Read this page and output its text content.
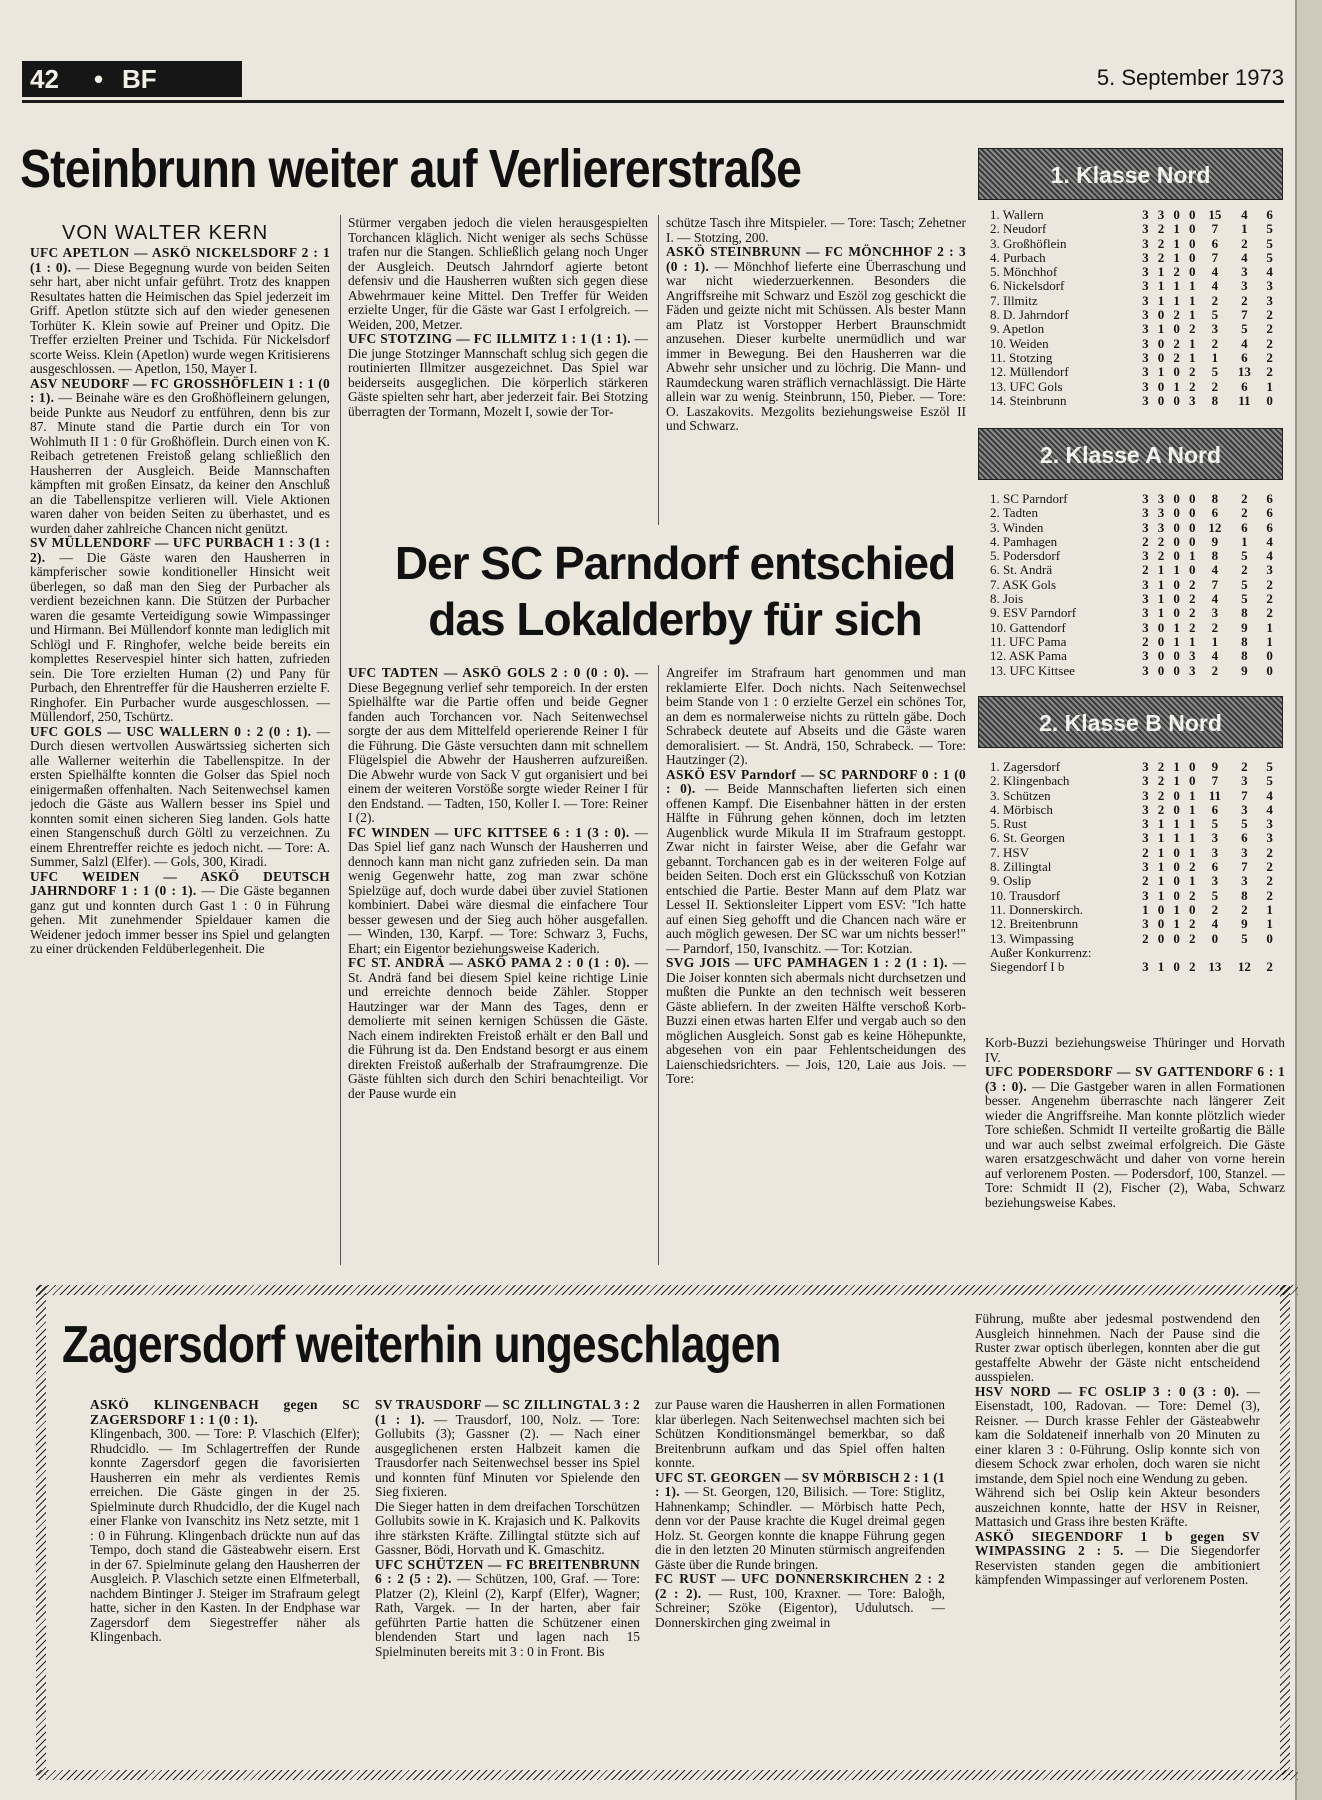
42 • BF	5. September 1973
Steinbrunn weiter auf Verliererstraße
VON WALTER KERN

UFC APETLON — ASKÖ NICKELSDORF 2 : 1 (1 : 0). — Diese Begegnung wurde von beiden Seiten sehr hart, aber nicht unfair geführt. Trotz des knappen Resultates hatten die Heimischen das Spiel jederzeit im Griff. Apetlon stützte sich auf den wieder genesenen Torhüter K. Klein sowie auf Preiner und Opitz. Die Treffer erzielten Preiner und Tschida. Für Nickelsdorf scorte Weiss. Klein (Apetlon) wurde wegen Kritisierens ausgeschlossen. — Apetlon, 150, Mayer I.

ASV NEUDORF — FC GROSSHÖFLEIN 1 : 1 (0 : 1). — Beinahe wäre es den Großhöfleinern gelungen, beide Punkte aus Neudorf zu entführen, denn bis zur 87. Minute stand die Partie durch ein Tor von Wohlmuth II 1 : 0 für Großhöflein. Durch einen von K. Reibach getretenen Freistoß gelang schließlich den Hausherren der Ausgleich. Beide Mannschaften kämpften mit großen Einsatz, da keiner den Anschluß an die Tabellenspitze verlieren will. Viele Aktionen waren daher von beiden Seiten zu überhastet, und es wurden daher zahlreiche Chancen nicht genützt.

SV MÜLLENDORF — UFC PURBACH 1 : 3 (1 : 2). — Die Gäste waren den Hausherren in kämpferischer sowie konditioneller Hinsicht weit überlegen, so daß man den Sieg der Purbacher als verdient bezeichnen kann. Die Stützen der Purbacher waren die gesamte Verteidigung sowie Wimpassinger und Hirmann. Bei Müllendorf konnte man lediglich mit Schlögl und F. Ringhofer, welche beide bereits ein komplettes Reservespiel hinter sich hatten, zufrieden sein. Die Tore erzielten Human (2) und Pany für Purbach, den Ehrentreffer für die Hausherren erzielte F. Ringhofer. Ein Purbacher wurde ausgeschlossen. — Müllendorf, 250, Tschürtz.

UFC GOLS — USC WALLERN 0 : 2 (0 : 1). — Durch diesen wertvollen Auswärtssieg sicherten sich alle Wallerner weiterhin die Tabellenspitze. In der ersten Spielhälfte konnten die Golser das Spiel noch einigermaßen offenhalten. Nach Seitenwechsel kamen jedoch die Gäste aus Wallern besser ins Spiel und konnten somit einen sicheren Sieg landen. Gols hatte einen Stangenschuß durch Göltl zu verzeichnen. Zu einem Ehrentreffer reichte es jedoch nicht. — Tore: A. Summer, Salzl (Elfer). — Gols, 300, Kiradi.

UFC WEIDEN — ASKÖ DEUTSCH JAHRNDORF 1 : 1 (0 : 1). — Die Gäste begannen ganz gut und konnten durch Gast 1 : 0 in Führung gehen. Mit zunehmender Spieldauer kamen die Weidener jedoch immer besser ins Spiel und gelangten zu einer drückenden Feldüberlegenheit. Die

Stürmer vergaben jedoch die vielen herausgespielten Torchancen kläglich. Nicht weniger als sechs Schüsse trafen nur die Stangen. Schließlich gelang noch Unger der Ausgleich. Deutsch Jahrndorf agierte betont defensiv und die Hausherren wußten sich gegen diese Abwehrmauer keine Mittel. Den Treffer für Weiden erzielte Unger, für die Gäste war Gast I erfolgreich. — Weiden, 200, Metzer.

UFC STOTZING — FC ILLMITZ 1 : 1 (1 : 1). — Die junge Stotzinger Mannschaft schlug sich gegen die routinierten Illmitzer ausgezeichnet. Das Spiel war beiderseits ausgeglichen. Die körperlich stärkeren Gäste spielten sehr hart, aber jederzeit fair. Bei Stotzing überragten der Tormann, Mozelt I, sowie der Tor-

schütze Tasch ihre Mitspieler. — Tore: Tasch; Zehetner I. — Stotzing, 200.

ASKÖ STEINBRUNN — FC MÖNCHHOF 2 : 3 (0 : 1). — Mönchhof lieferte eine Überraschung und war nicht wiederzuerkennen. Besonders die Angriffsreihe mit Schwarz und Eszöl zog geschickt die Fäden und geizte nicht mit Schüssen. Als bester Mann am Platz ist Vorstopper Herbert Braunschmidt anzusehen. Dieser kurbelte unermüdlich und war immer in Bewegung. Bei den Hausherren war die Abwehr sehr unsicher und zu löchrig. Die Mann- und Raumdeckung waren sträflich vernachlässigt. Die Härte allein war zu wenig. Steinbrunn, 150, Pieber. — Tore: O. Laszakovits. Mezgolits beziehungsweise Eszöl II und Schwarz.

Der SC Parndorf entschied das Lokalderby für sich

UFC TADTEN — ASKÖ GOLS 2 : 0 (0 : 0). — Diese Begegnung verlief sehr temporeich. In der ersten Spielhälfte war die Partie offen und beide Gegner fanden auch Torchancen vor. Nach Seitenwechsel sorgte der aus dem Mittelfeld operierende Reiner I für die Führung. Die Gäste versuchten dann mit schnellem Flügelspiel die Abwehr der Hausherren aufzureißen. Die Abwehr wurde von Sack V gut organisiert und bei einem der weiteren Vorstöße sorgte wieder Reiner I für den Endstand. — Tadten, 150, Koller I. — Tore: Reiner I (2).

FC WINDEN — UFC KITTSEE 6 : 1 (3 : 0). — Das Spiel lief ganz nach Wunsch der Hausherren und dennoch kann man nicht ganz zufrieden sein. Da man wenig Gegenwehr hatte, zog man zwar schöne Spielzüge auf, doch wurde dabei über zuviel Stationen kombiniert. Dabei wäre diesmal die einfachere Tour besser gewesen und der Sieg auch höher ausgefallen. — Winden, 130, Karpf. — Tore: Schwarz 3, Fuchs, Ehart; ein Eigentor beziehungsweise Kaderich.

FC ST. ANDRÄ — ASKÖ PAMA 2 : 0 (1 : 0). — St. Andrä fand bei diesem Spiel keine richtige Linie und erreichte dennoch beide Zähler. Stopper Hautzinger war der Mann des Tages, denn er demolierte mit seinen kernigen Schüssen die Gäste. Nach einem indirekten Freistoß erhält er den Ball und die Führung ist da. Den Endstand besorgt er aus einem direkten Freistoß außerhalb der Strafraumgrenze. Die Gäste fühlten sich durch den Schiri benachteiligt. Vor der Pause wurde ein

Angreifer im Strafraum hart genommen und man reklamierte Elfer. Doch nichts. Nach Seitenwechsel beim Stande von 1 : 0 erzielte Gerzel ein schönes Tor, an dem es normalerweise nichts zu rütteln gäbe. Doch Schrabeck deutete auf Abseits und die Gäste waren demoralisiert. — St. Andrä, 150, Schrabeck. — Tore: Hautzinger (2).

ASKÖ ESV Parndorf — SC PARNDORF 0 : 1 (0 : 0). — Beide Mannschaften lieferten sich einen offenen Kampf. Die Eisenbahner hätten in der ersten Hälfte in Führung gehen können, doch im letzten Augenblick wurde Mikula II im Strafraum gestoppt. Zwar nicht in fairster Weise, aber die Gefahr war gebannt. Torchancen gab es in der weiteren Folge auf beiden Seiten. Doch erst ein Glücksschuß von Kotzian entschied die Partie. Bester Mann auf dem Platz war Lessel II. Sektionsleiter Lippert vom ESV: "Ich hatte auf einen Sieg gehofft und die Chancen nach wäre er auch möglich gewesen. Der SC war um nichts besser!" — Parndorf, 150, Ivanschitz. — Tor: Kotzian.

SVG JOIS — UFC PAMHAGEN 1 : 2 (1 : 1). — Die Joiser konnten sich abermals nicht durchsetzen und mußten die Punkte an den technisch weit besseren Gäste abliefern. In der zweiten Hälfte verschoß Korb-Buzzi einen etwas harten Elfer und vergab auch so den möglichen Ausgleich. Sonst gab es keine Höhepunkte, abgesehen von ein paar Fehlentscheidungen des Laienschiedsrichters. — Jois, 120, Laie aus Jois. — Tore:

Korb-Buzzi beziehungsweise Thüringer und Horvath IV.

UFC PODERSDORF — SV GATTENDORF 6 : 1 (3 : 0). — Die Gastgeber waren in allen Formationen besser. Angenehm überraschte nach längerer Zeit wieder die Angriffsreihe. Man konnte plötzlich wieder Tore schießen. Schmidt II verteilte großartig die Bälle und war auch selbst zweimal erfolgreich. Die Gäste waren ersatzgeschwächt und daher von vorne herein auf verlorenem Posten. — Podersdorf, 100, Stanzel. — Tore: Schmidt II (2), Fischer (2), Waba, Schwarz beziehungsweise Kabes.

1. Klasse Nord
1. Wallern	3 3 0 0 15	4	6
2. Neudorf	3 2 1 0	7	1	5
3. Großhöflein	3 2 1 0	6	2	5
4. Purbach	3 2 1 0	7	4	5
5. Mönchhof	3 1 2 0	4	3	4
6. Nickelsdorf	3 1 1 1	4	3	3
7. Illmitz	3 1 1 1	2	2	3
8. D. Jahrndorf	3 0 2 1	5	7	2
9. Apetlon	3 1 0 2	3	5	2
10. Weiden	3 0 2 1	2	4	2
11. Stotzing	3 0 2 1	1	6	2
12. Müllendorf	3 1 0 2	5	13	2
13. UFC Gols	3 0 1 2	2	6	1
14. Steinbrunn	3 0 0 3	8	11	0
2. Klasse A Nord
1. SC Parndorf	3 3 0 0	8	2	6
2. Tadten	3 3 0 0	6	2	6
3. Winden	3 3 0 0 12	6	6
4. Pamhagen	2 2 0 0	9	1	4
5. Podersdorf	3 2 0 1	8	5	4
6. St. Andrä	2 1 1 0	4	2	3
7. ASK Gols	3 1 0 2	7	5	2
8. Jois	3 1 0 2	4	5	2
9. ESV Parndorf	3 1 0 2	3	8	2
10. Gattendorf	3 0 1 2	2	9	1
11. UFC Pama	2 0 1 1	1	8	1
12. ASK Pama	3 0 0 3	4	8	0
13. UFC Kittsee	3 0 0 3	2	9	0
2. Klasse B Nord
1. Zagersdorf	3 2 1 0	9	2	5
2. Klingenbach	3 2 1 0	7	3	5
3. Schützen	3 2 0 1	11	7	4
4. Mörbisch	3 2 0 1	6	3	4
5. Rust	3 1 1 1	5	5	3
6. St. Georgen	3 1 1 1	3	6	3
7. HSV	2 1 0 1	3	3	2
8. Zillingtal	3 1 0 2	6	7	2
9. Oslip	2 1 0 1	3	3	2
10. Trausdorf	3 1 0 2	5	8	2
11. Donnerskirch.	1 0 1 0	2	2	1
12. Breitenbrunn	3 0 1 2	4	9	1
13. Wimpassing	2 0 0 2	0	5	0
Außer Konkurrenz:
Siegendorf I b	3 1 0 2 13	12	2
Zagersdorf weiterhin ungeschlagen

ASKÖ KLINGENBACH gegen SC ZAGERSDORF 1 : 1 (0 : 1).

Klingenbach, 300. — Tore: P. Vlaschich (Elfer); Rhudcidlo. — Im Schlagertreffen der Runde konnte Zagersdorf gegen die favorisierten Hausherren ein mehr als verdientes Remis erreichen. Die Gäste gingen in der 25. Spielminute durch Rhudcidlo, der die Kugel nach einer Flanke von Ivanschitz ins Netz setzte, mit 1 : 0 in Führung. Klingenbach drückte nun auf das Tempo, doch stand die Gästeabwehr eisern. Erst in der 67. Spielminute gelang den Hausherren der Ausgleich. P. Vlaschich setzte einen Elfmeterball, nachdem Bintinger J. Steiger im Strafraum gelegt hatte, sicher in den Kasten. In der Endphase war Zagersdorf dem Siegestreffer näher als Klingenbach.

SV TRAUSDORF — SC ZILLINGTAL 3 : 2 (1 : 1). — Trausdorf, 100, Nolz. — Tore: Gollubits (3); Gassner (2). — Nach einer ausgeglichenen ersten Halbzeit kamen die Trausdorfer nach Seitenwechsel besser ins Spiel und konnten fünf Minuten vor Spielende den Sieg fixieren.

Die Sieger hatten in dem dreifachen Torschützen Gollubits sowie in K. Krajasich und K. Palkovits ihre stärksten Kräfte. Zillingtal stützte sich auf Gassner, Bödi, Horvath und K. Gmaschitz.

UFC SCHÜTZEN — FC BREITENBRUNN 6 : 2 (5 : 2). — Schützen, 100, Graf. — Tore: Platzer (2), Kleinl (2), Karpf (Elfer), Wagner; Rath, Vargek. — In der harten, aber fair geführten Partie hatten die Schützener einen blendenden Start und lagen nach 15 Spielminuten bereits mit 3 : 0 in Front. Bis

zur Pause waren die Hausherren in allen Formationen klar überlegen. Nach Seitenwechsel machten sich bei Schützen Konditionsmängel bemerkbar, so daß Breitenbrunn aufkam und das Spiel offen halten konnte.

UFC ST. GEORGEN — SV MÖRBISCH 2 : 1 (1 : 1). — St. Georgen, 120, Bilisich. — Tore: Stiglitz, Hahnenkamp; Schindler. — Mörbisch hatte Pech, denn vor der Pause krachte die Kugel dreimal gegen Holz. St. Georgen konnte die knappe Führung gegen die in den letzten 20 Minuten stürmisch angreifenden Gäste über die Runde bringen.

FC RUST — UFC DONNERSKIRCHEN 2 : 2 (2 : 2). — Rust, 100, Kraxner. — Tore: Baloğh, Schreiner; Szöke (Eigentor), Udulutsch. — Donnerskirchen ging zweimal in

Führung, mußte aber jedesmal postwendend den Ausgleich hinnehmen. Nach der Pause sind die Ruster zwar optisch überlegen, konnten aber die gut gestaffelte Abwehr der Gäste nicht entscheidend ausspielen.

HSV NORD — FC OSLIP 3 : 0 (3 : 0). — Eisenstadt, 100, Radovan. — Tore: Demel (3), Reisner. — Durch krasse Fehler der Gästeabwehr kam die Soldateneif innerhalb von 20 Minuten zu einer klaren 3 : 0-Führung. Oslip konnte sich von diesem Schock zwar erholen, doch waren sie nicht imstande, dem Spiel noch eine Wendung zu geben.

Während sich bei Oslip kein Akteur besonders auszeichnen konnte, hatte der HSV in Reisner, Mattasich und Grass ihre besten Kräfte.

ASKÖ SIEGENDORF 1 b gegen SV WIMPASSING 2 : 5. — Die Siegendorfer Reservisten standen gegen die ambitioniert kämpfenden Wimpassinger auf verlorenem Posten.
